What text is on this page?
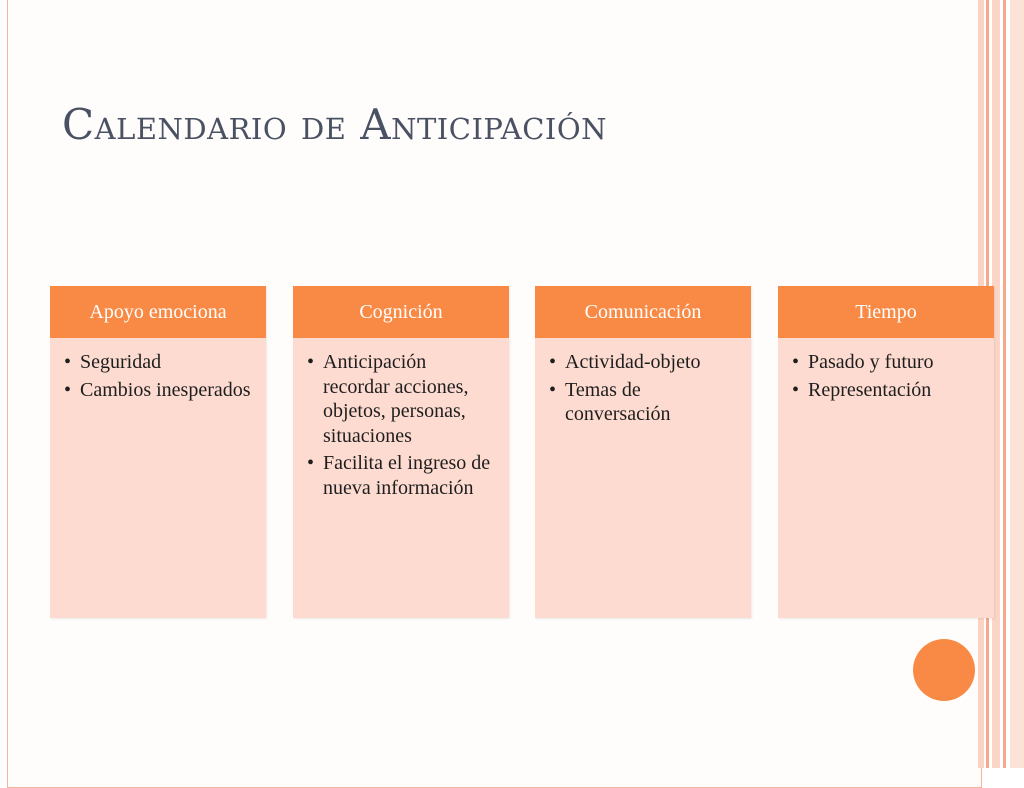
Calendario de Anticipación
Apoyo emociona
• Seguridad
• Cambios inesperados
Cognición
• Anticipación recordar acciones, objetos, personas, situaciones
• Facilita el ingreso de nueva información
Comunicación
• Actividad-objeto
• Temas de conversación
Tiempo
• Pasado y futuro
• Representación
